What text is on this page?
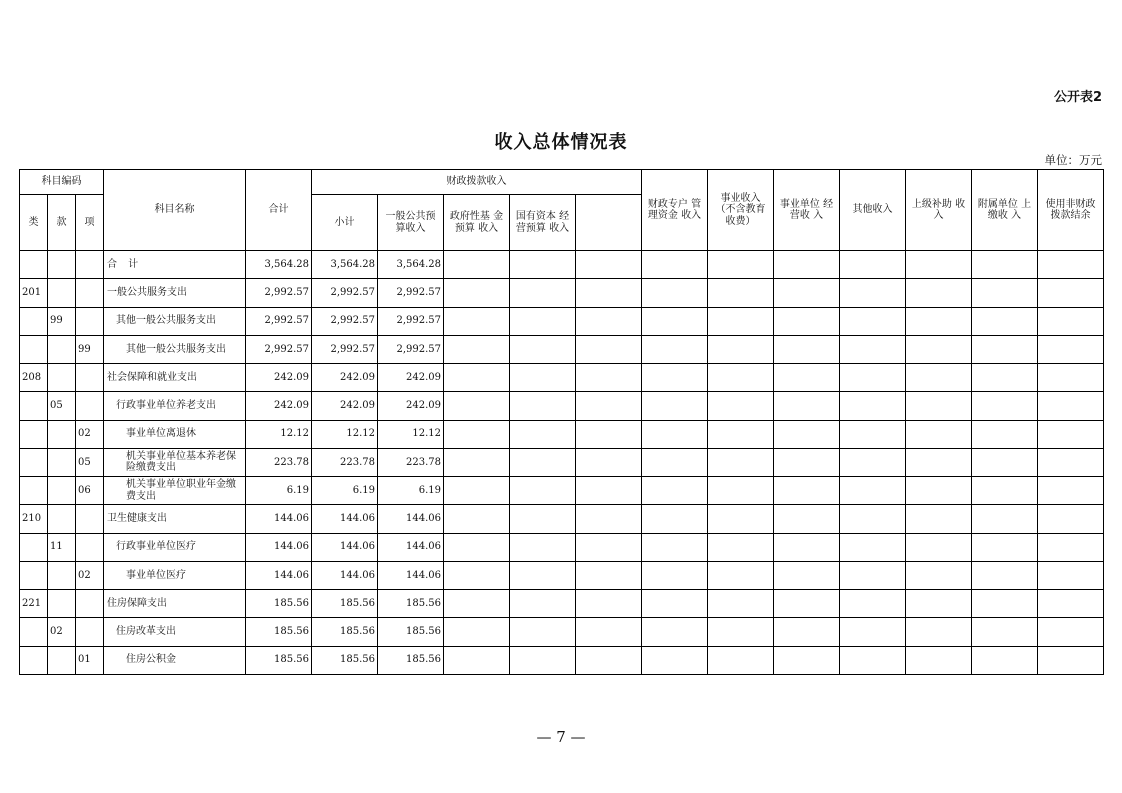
公开表2
收入总体情况表
单位：万元
科目编码			科目名称	合计	财政拨款收入					财政专户 管 理资金 收入	事业收入 （不含教育 收费）	事业单位 经 营收 入	其他收入	上级补助 收 入	附属单位 上 缴收 入	使用非财政 拨款结余	
类	款	项															
					小计	一般公共预 算收入	政府性基 金 预算 收入	国有资本 经 营预算 收入									
			合 计	3,564.28	3,564.28	3,564.28											
201			一般公共服务支出	2,992.57	2,992.57	2,992.57											
	99		其他一般公共服务支出	2,992.57	2,992.57	2,992.57											
		99	其他一般公共服务支出	2,992.57	2,992.57	2,992.57											
208			社会保障和就业支出	242.09	242.09	242.09											
	05		行政事业单位养老支出	242.09	242.09	242.09											
		02	事业单位离退休	12.12	12.12	12.12											
		05	机关事业单位基本养老保险缴费支出	223.78	223.78	223.78											
		06	机关事业单位职业年金缴费支出	6.19	6.19	6.19											
210			卫生健康支出	144.06	144.06	144.06											
	11		行政事业单位医疗	144.06	144.06	144.06											
		02	事业单位医疗	144.06	144.06	144.06											
221			住房保障支出	185.56	185.56	185.56											
	02		住房改革支出	185.56	185.56	185.56											
		01	住房公积金	185.56	185.56	185.56											
— 7 —
